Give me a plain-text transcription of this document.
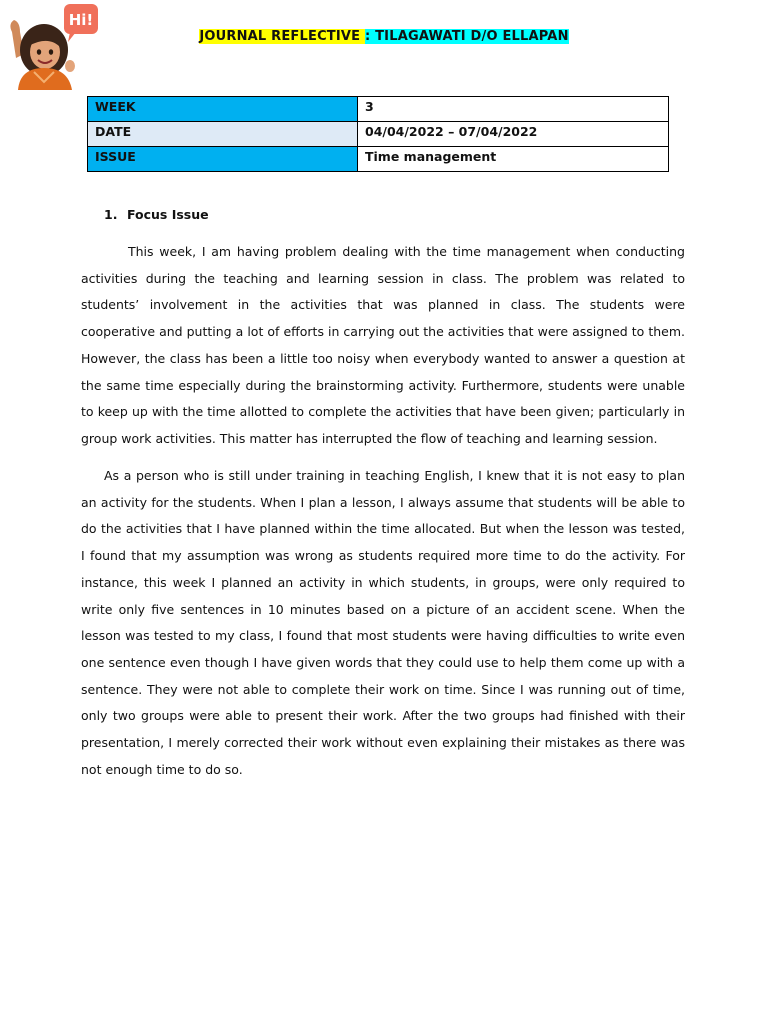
Hi!
JOURNAL REFLECTIVE : TILAGAWATI D/O ELLAPAN
WEEK	3
DATE	04/04/2022 – 07/04/2022
ISSUE	Time management
1. Focus Issue

This week, I am having problem dealing with the time management when conducting activities during the teaching and learning session in class. The problem was related to students’ involvement in the activities that was planned in class. The students were cooperative and putting a lot of efforts in carrying out the activities that were assigned to them. However, the class has been a little too noisy when everybody wanted to answer a question at the same time especially during the brainstorming activity. Furthermore, students were unable to keep up with the time allotted to complete the activities that have been given; particularly in group work activities. This matter has interrupted the flow of teaching and learning session.

As a person who is still under training in teaching English, I knew that it is not easy to plan an activity for the students. When I plan a lesson, I always assume that students will be able to do the activities that I have planned within the time allocated. But when the lesson was tested, I found that my assumption was wrong as students required more time to do the activity. For instance, this week I planned an activity in which students, in groups, were only required to write only five sentences in 10 minutes based on a picture of an accident scene. When the lesson was tested to my class, I found that most students were having difficulties to write even one sentence even though I have given words that they could use to help them come up with a sentence. They were not able to complete their work on time. Since I was running out of time, only two groups were able to present their work. After the two groups had finished with their presentation, I merely corrected their work without even explaining their mistakes as there was not enough time to do so.
